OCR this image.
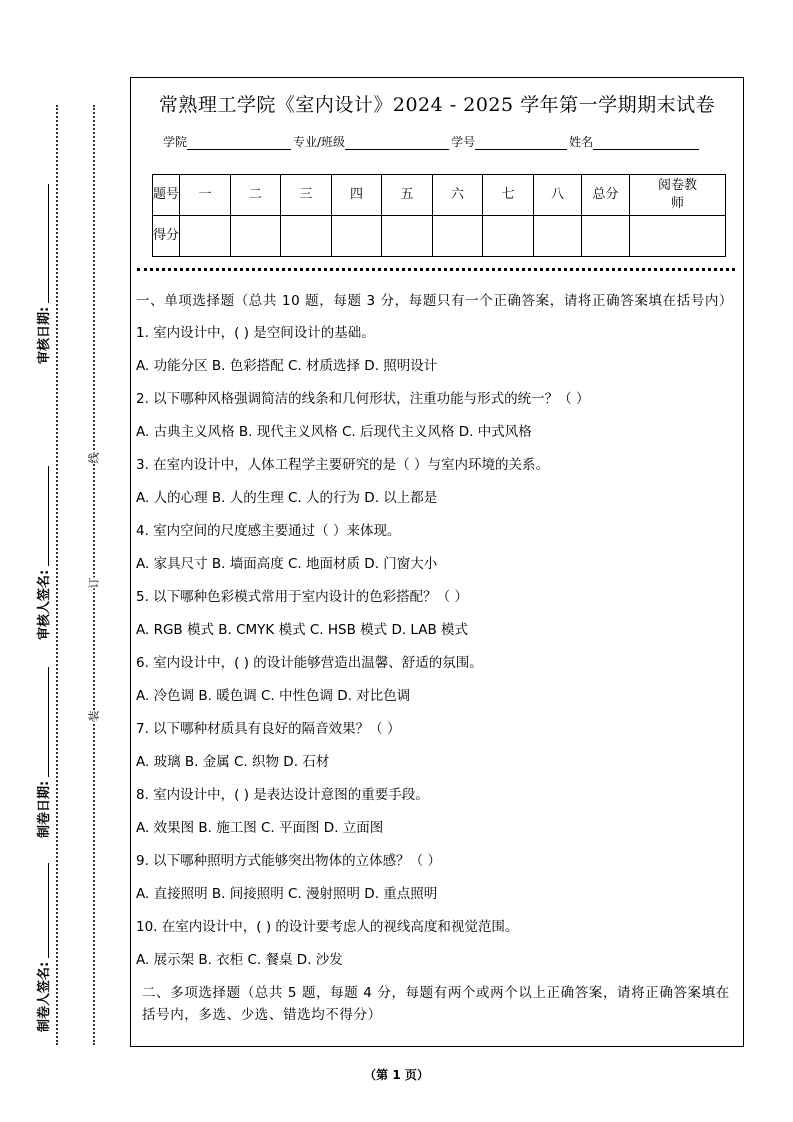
审核日期:
审核人签名:
制卷日期:
制卷人签名:
线
订
装
常熟理工学院《室内设计》2024 - 2025 学年第一学期期末试卷
学院	专业/班级	学号	姓名
题号	一	二	三	四	五	六	七	八	总分	阅卷教师
得分										
一、单项选择题（总共 10 题，每题 3 分，每题只有一个正确答案，请将正确答案填在括号内）
1. 室内设计中，( ) 是空间设计的基础。
A. 功能分区 B. 色彩搭配 C. 材质选择 D. 照明设计
2. 以下哪种风格强调简洁的线条和几何形状，注重功能与形式的统一？（ ）
A. 古典主义风格 B. 现代主义风格 C. 后现代主义风格 D. 中式风格
3. 在室内设计中，人体工程学主要研究的是（ ）与室内环境的关系。
A. 人的心理 B. 人的生理 C. 人的行为 D. 以上都是
4. 室内空间的尺度感主要通过（ ）来体现。
A. 家具尺寸 B. 墙面高度 C. 地面材质 D. 门窗大小
5. 以下哪种色彩模式常用于室内设计的色彩搭配？（ ）
A. RGB 模式 B. CMYK 模式 C. HSB 模式 D. LAB 模式
6. 室内设计中，( ) 的设计能够营造出温馨、舒适的氛围。
A. 冷色调 B. 暖色调 C. 中性色调 D. 对比色调
7. 以下哪种材质具有良好的隔音效果？（ ）
A. 玻璃 B. 金属 C. 织物 D. 石材
8. 室内设计中，( ) 是表达设计意图的重要手段。
A. 效果图 B. 施工图 C. 平面图 D. 立面图
9. 以下哪种照明方式能够突出物体的立体感？（ ）
A. 直接照明 B. 间接照明 C. 漫射照明 D. 重点照明
10. 在室内设计中，( ) 的设计要考虑人的视线高度和视觉范围。
A. 展示架 B. 衣柜 C. 餐桌 D. 沙发
二、多项选择题（总共 5 题，每题 4 分，每题有两个或两个以上正确答案，请将正确答案填在括号内，多选、少选、错选均不得分）
（第 1 页）
